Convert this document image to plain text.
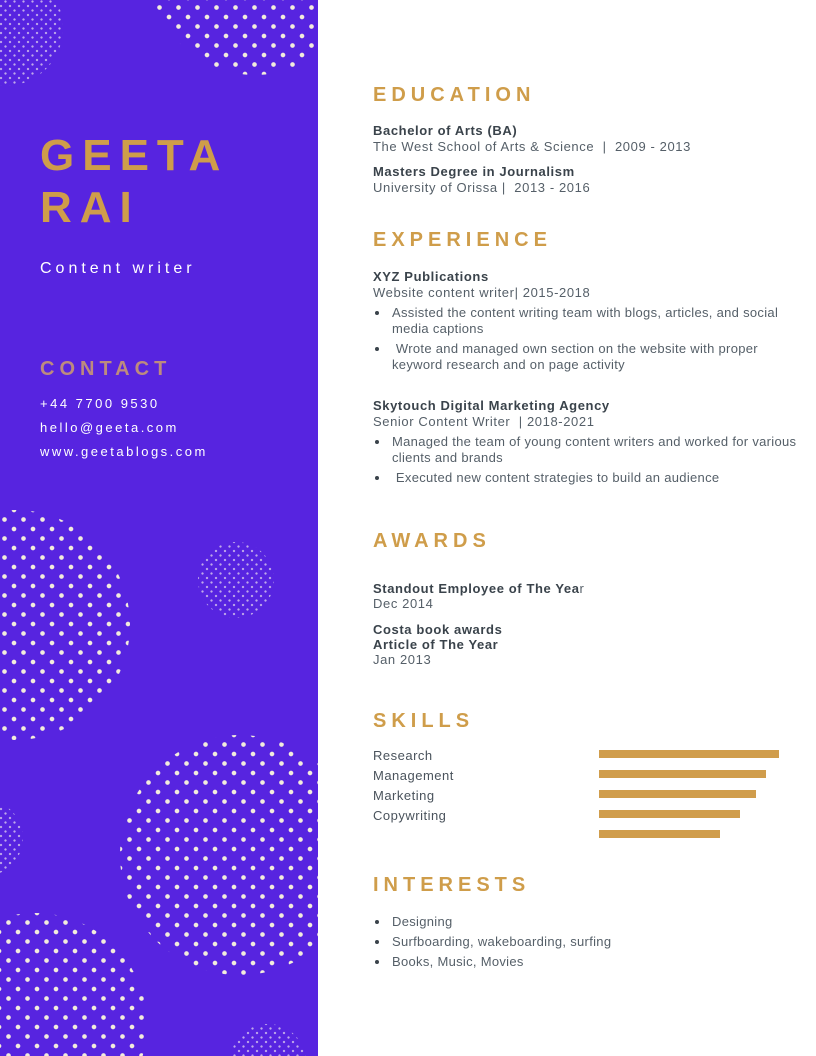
GEETA
RAI
Content writer
CONTACT
+44 7700 9530
hello@geeta.com
www.geetablogs.com
EDUCATION
Bachelor of Arts (BA)
The West School of Arts & Science  |  2009 - 2013
Masters Degree in Journalism
University of Orissa |  2013 - 2016
EXPERIENCE
XYZ Publications
Website content writer| 2015-2018
• Assisted the content writing team with blogs, articles, and social media captions
•  Wrote and managed own section on the website with proper keyword research and on page activity
Skytouch Digital Marketing Agency
Senior Content Writer  | 2018-2021
• Managed the team of young content writers and worked for various clients and brands
•  Executed new content strategies to build an audience
AWARDS
Standout Employee of The Year
Dec 2014
Costa book awards
Article of The Year
Jan 2013
SKILLS
Research
Management
Marketing
Copywriting
INTERESTS
• Designing
• Surfboarding, wakeboarding, surfing
• Books, Music, Movies
